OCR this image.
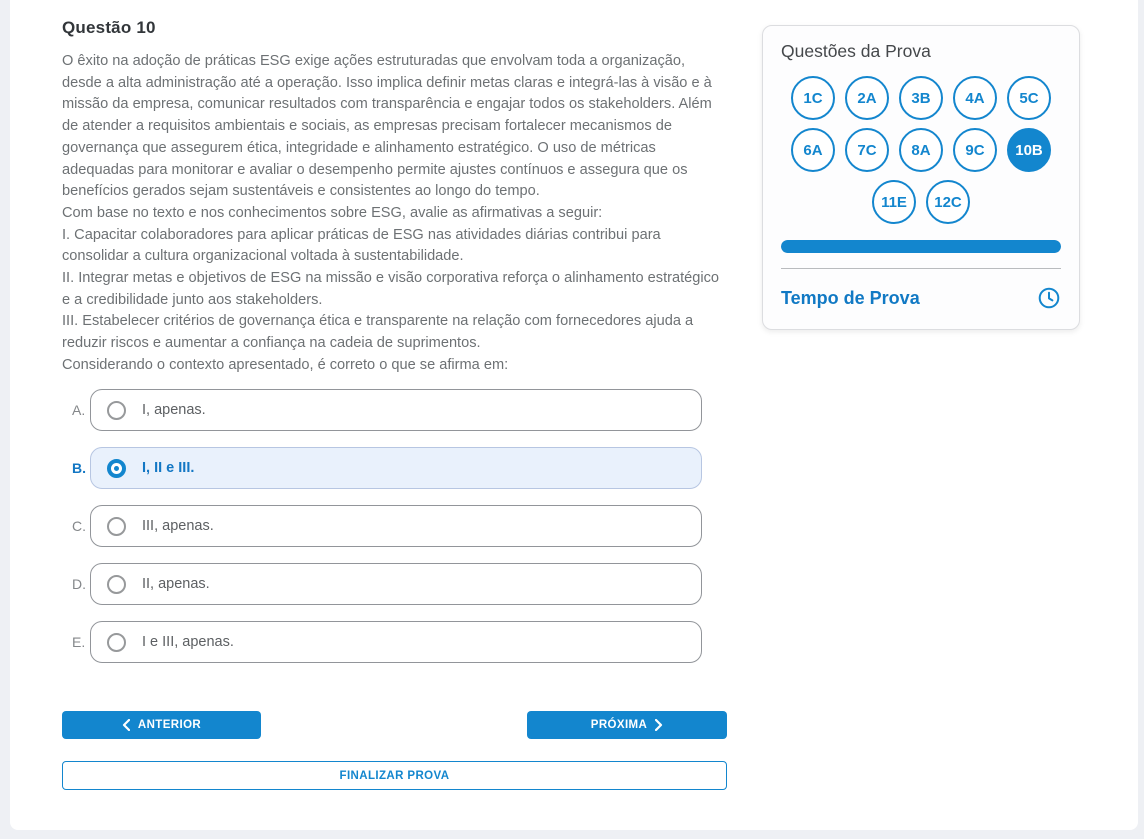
Questão 10

O êxito na adoção de práticas ESG exige ações estruturadas que envolvam toda a organização, desde a alta administração até a operação. Isso implica definir metas claras e integrá-las à visão e à missão da empresa, comunicar resultados com transparência e engajar todos os stakeholders. Além de atender a requisitos ambientais e sociais, as empresas precisam fortalecer mecanismos de governança que assegurem ética, integridade e alinhamento estratégico. O uso de métricas adequadas para monitorar e avaliar o desempenho permite ajustes contínuos e assegura que os benefícios gerados sejam sustentáveis e consistentes ao longo do tempo.

Com base no texto e nos conhecimentos sobre ESG, avalie as afirmativas a seguir:

I. Capacitar colaboradores para aplicar práticas de ESG nas atividades diárias contribui para consolidar a cultura organizacional voltada à sustentabilidade.

II. Integrar metas e objetivos de ESG na missão e visão corporativa reforça o alinhamento estratégico e a credibilidade junto aos stakeholders.

III. Estabelecer critérios de governança ética e transparente na relação com fornecedores ajuda a reduzir riscos e aumentar a confiança na cadeia de suprimentos.

Considerando o contexto apresentado, é correto o que se afirma em:

A.	I, apenas.
B.	I, II e III.
C.	III, apenas.
D.	II, apenas.
E.	I e III, apenas.
ANTERIOR	PRÓXIMA
FINALIZAR PROVA
Questões da Prova
1C	2A	3B	4A	5C
6A	7C	8A	9C	10B
11E	12C
Tempo de Prova
